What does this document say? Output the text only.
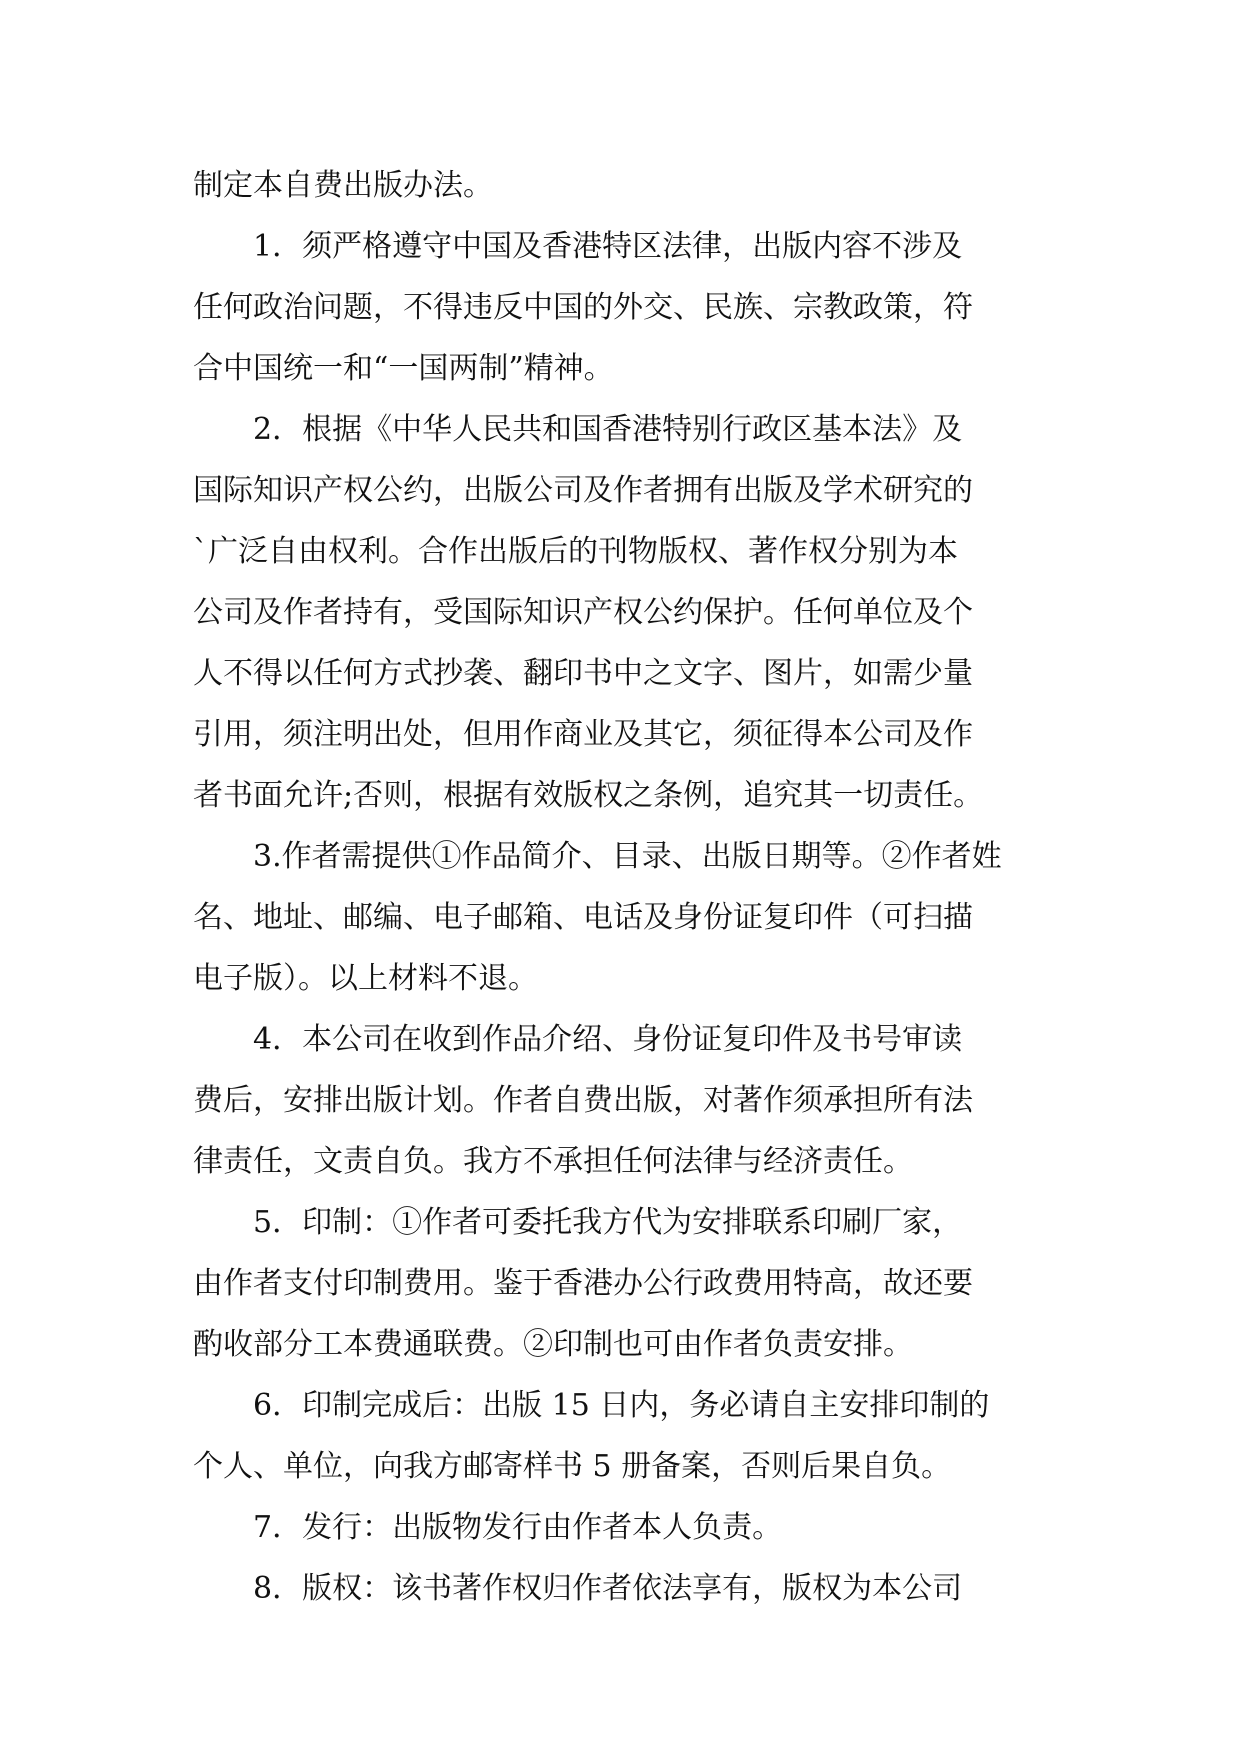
制定本自费出版办法。

1．须严格遵守中国及香港特区法律，出版内容不涉及

任何政治问题，不得违反中国的外交、民族、宗教政策，符

合中国统一和“一国两制”精神。

2．根据《中华人民共和国香港特别行政区基本法》及

国际知识产权公约，出版公司及作者拥有出版及学术研究的

`广泛自由权利。合作出版后的刊物版权、著作权分别为本

公司及作者持有，受国际知识产权公约保护。任何单位及个

人不得以任何方式抄袭、翻印书中之文字、图片，如需少量

引用，须注明出处，但用作商业及其它，须征得本公司及作

者书面允许;否则，根据有效版权之条例，追究其一切责任。

3.作者需提供①作品简介、目录、出版日期等。②作者姓

名、地址、邮编、电子邮箱、电话及身份证复印件（可扫描

电子版）。以上材料不退。

4．本公司在收到作品介绍、身份证复印件及书号审读

费后，安排出版计划。作者自费出版，对著作须承担所有法

律责任，文责自负。我方不承担任何法律与经济责任。

5．印制：①作者可委托我方代为安排联系印刷厂家，

由作者支付印制费用。鉴于香港办公行政费用特高，故还要

酌收部分工本费通联费。②印制也可由作者负责安排。

6．印制完成后：出版 15 日内，务必请自主安排印制的

个人、单位，向我方邮寄样书 5 册备案，否则后果自负。

7．发行：出版物发行由作者本人负责。

8．版权：该书著作权归作者依法享有，版权为本公司
